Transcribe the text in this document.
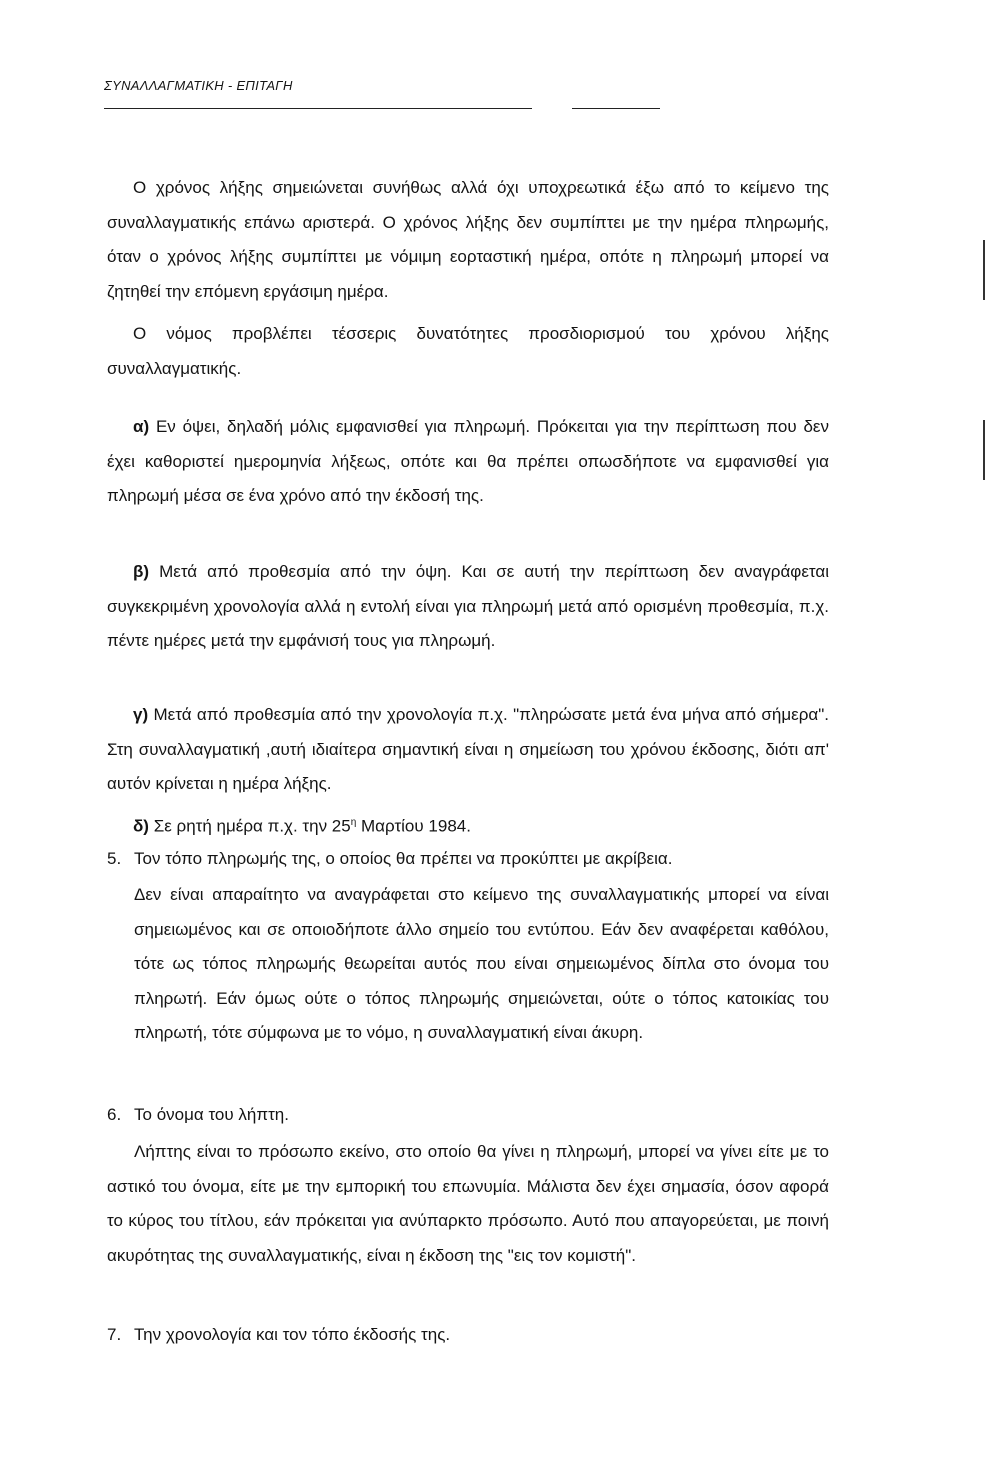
ΣΥΝΑΛΛΑΓΜΑΤΙΚΗ - ΕΠΙΤΑΓΗ
Ο χρόνος λήξης σημειώνεται συνήθως αλλά όχι υποχρεωτικά έξω από το κείμενο της συναλλαγματικής επάνω αριστερά. Ο χρόνος λήξης δεν συμπίπτει με την ημέρα πληρωμής, όταν ο χρόνος λήξης συμπίπτει με νόμιμη εορταστική ημέρα, οπότε η πληρωμή μπορεί να ζητηθεί την επόμενη εργάσιμη ημέρα.
Ο νόμος προβλέπει τέσσερις δυνατότητες προσδιορισμού του χρόνου λήξης συναλλαγματικής.
α) Εν όψει, δηλαδή μόλις εμφανισθεί για πληρωμή. Πρόκειται για την περίπτωση που δεν έχει καθοριστεί ημερομηνία λήξεως, οπότε και θα πρέπει οπωσδήποτε να εμφανισθεί για πληρωμή μέσα σε ένα χρόνο από την έκδοσή της.
β) Μετά από προθεσμία από την όψη. Και σε αυτή την περίπτωση δεν αναγράφεται συγκεκριμένη χρονολογία αλλά η εντολή είναι για πληρωμή μετά από ορισμένη προθεσμία, π.χ. πέντε ημέρες μετά την εμφάνισή τους για πληρωμή.
γ) Μετά από προθεσμία από την χρονολογία π.χ. "πληρώσατε μετά ένα μήνα από σήμερα". Στη συναλλαγματική ,αυτή ιδιαίτερα σημαντική είναι η σημείωση του χρόνου έκδοσης, διότι απ' αυτόν κρίνεται η ημέρα λήξης.
δ) Σε ρητή ημέρα π.χ. την $25^\eta$ Μαρτίου 1984.
5. Τον τόπο πληρωμής της, ο οποίος θα πρέπει να προκύπτει με ακρίβεια.
Δεν είναι απαραίτητο να αναγράφεται στο κείμενο της συναλλαγματικής μπορεί να είναι σημειωμένος και σε οποιοδήποτε άλλο σημείο του εντύπου. Εάν δεν αναφέρεται καθόλου, τότε ως τόπος πληρωμής θεωρείται αυτός που είναι σημειωμένος δίπλα στο όνομα του πληρωτή. Εάν όμως ούτε ο τόπος πληρωμής σημειώνεται, ούτε ο τόπος κατοικίας του πληρωτή, τότε σύμφωνα με το νόμο, η συναλλαγματική είναι άκυρη.
6. Το όνομα του λήπτη.
Λήπτης είναι το πρόσωπο εκείνο, στο οποίο θα γίνει η πληρωμή, μπορεί να γίνει είτε με το αστικό του όνομα, είτε με την εμπορική του επωνυμία. Μάλιστα δεν έχει σημασία, όσον αφορά το κύρος του τίτλου, εάν πρόκειται για ανύπαρκτο πρόσωπο. Αυτό που απαγορεύεται, με ποινή ακυρότητας της συναλλαγματικής, είναι η έκδοση της "εις τον κομιστή".
7. Την χρονολογία και τον τόπο έκδοσής της.
